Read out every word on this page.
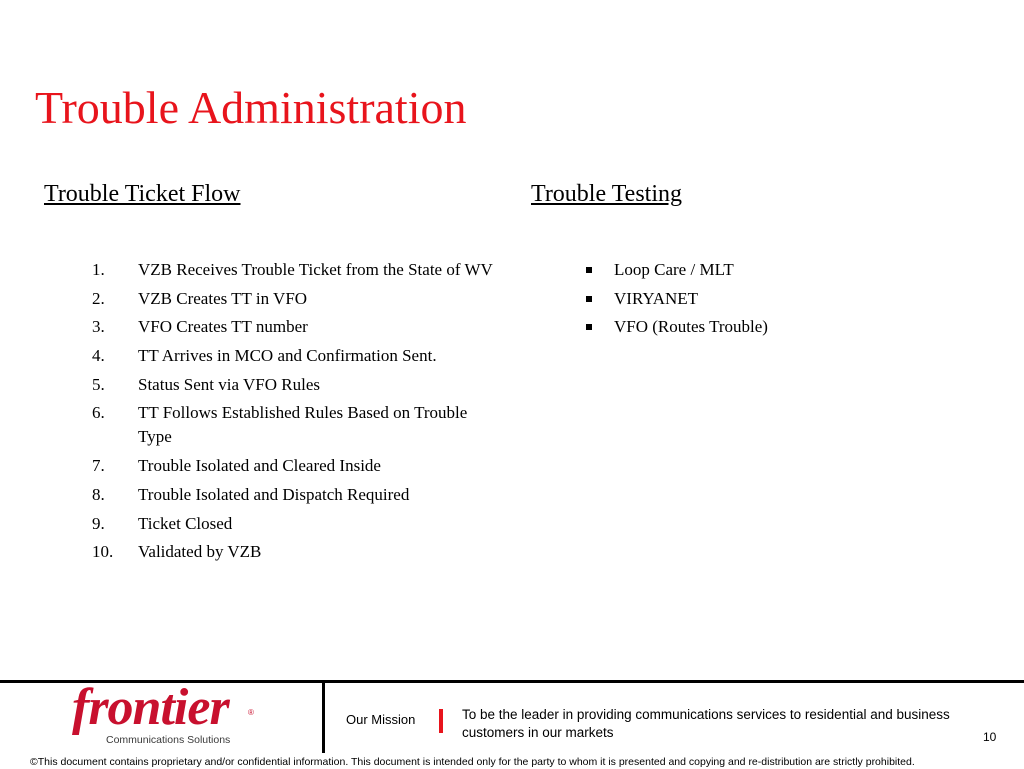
Trouble Administration
Trouble Ticket Flow	Trouble Testing
1. VZB Receives Trouble Ticket from the State of WV
2. VZB Creates TT in VFO
3. VFO Creates TT number
4. TT Arrives in MCO and Confirmation Sent.
5. Status Sent via VFO Rules
6. TT Follows Established Rules Based on Trouble Type
7. Trouble Isolated and Cleared Inside
8. Trouble Isolated and Dispatch Required
9. Ticket Closed
10. Validated by VZB
Loop Care / MLT
VIRYANET
VFO (Routes Trouble)
frontier ®
Communications Solutions
Our Mission	To be the leader in providing communications services to residential and business customers in our markets	10
©This document contains proprietary and/or confidential information. This document is intended only for the party to whom it is presented and copying and re-distribution are strictly prohibited.
